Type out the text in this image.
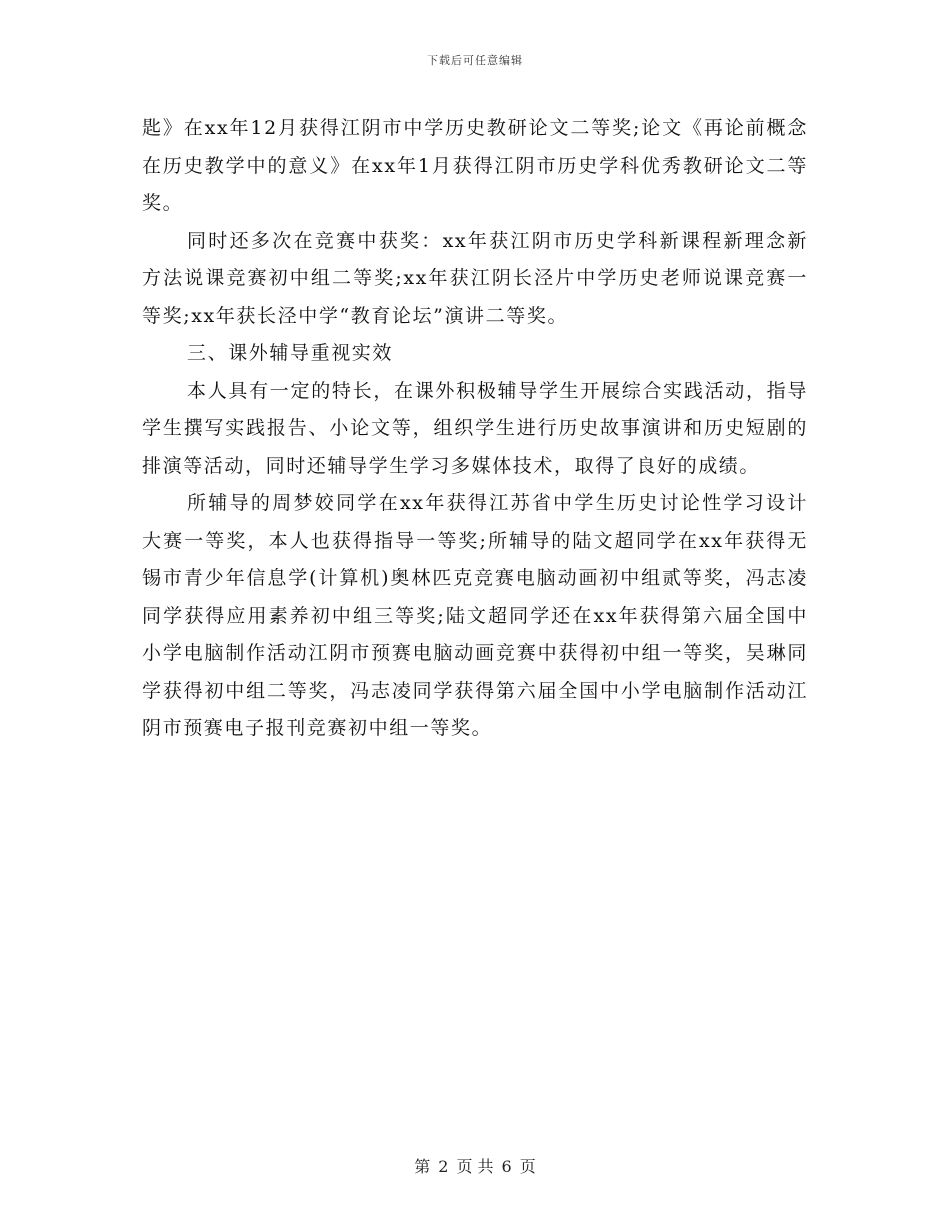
下载后可任意编辑

匙》在xx年12月获得江阴市中学历史教研论文二等奖;论文《再论前概念在历史教学中的意义》在xx年1月获得江阴市历史学科优秀教研论文二等奖。

同时还多次在竞赛中获奖：xx年获江阴市历史学科新课程新理念新方法说课竞赛初中组二等奖;xx年获江阴长泾片中学历史老师说课竞赛一等奖;xx年获长泾中学“教育论坛”演讲二等奖。

三、课外辅导重视实效

本人具有一定的特长，在课外积极辅导学生开展综合实践活动，指导学生撰写实践报告、小论文等，组织学生进行历史故事演讲和历史短剧的排演等活动，同时还辅导学生学习多媒体技术，取得了良好的成绩。

所辅导的周梦姣同学在xx年获得江苏省中学生历史讨论性学习设计大赛一等奖，本人也获得指导一等奖;所辅导的陆文超同学在xx年获得无锡市青少年信息学(计算机)奥林匹克竞赛电脑动画初中组贰等奖，冯志凌同学获得应用素养初中组三等奖;陆文超同学还在xx年获得第六届全国中小学电脑制作活动江阴市预赛电脑动画竞赛中获得初中组一等奖，吴琳同学获得初中组二等奖，冯志凌同学获得第六届全国中小学电脑制作活动江阴市预赛电子报刊竞赛初中组一等奖。

第 2 页 共 6 页
